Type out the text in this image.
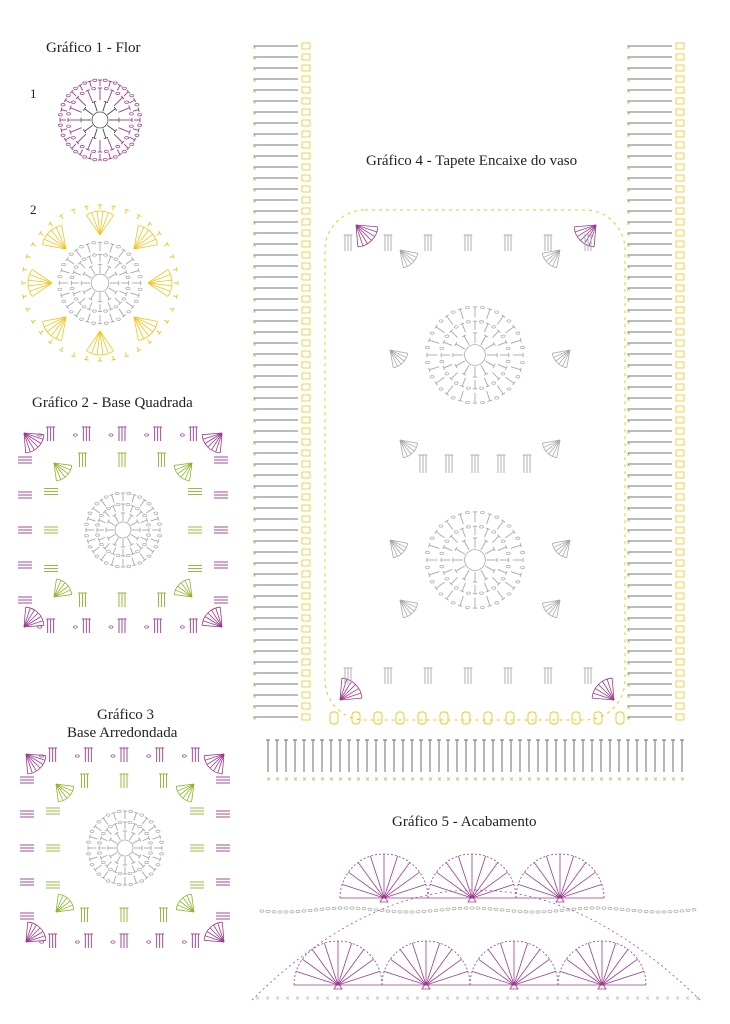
Gráfico 1 - Flor
1
2
Gráfico 2 - Base Quadrada
Gráfico 3
Base Arredondada
Gráfico 4 - Tapete Encaixe do vaso
Gráfico 5 - Acabamento
×
×
×
×
×
×
×
×
×
×
×
×
×
×
×
×
×
×
×
×
×
×
×
×
×
×
×
×
×
×
×
×
×
×
×
×
×
×
×
×
×
×
×
×
×
×
×
×
×
×
×
×
×
×
×
×
×
×
×
×
×
×
×
×
×
×
×
×
×
×
×
×
×
×
×
×
×
×
×
×
×
×
×
×
×
×
×
×
×
×
×
×
×
×
×
×
×
×
×
×
×
×
×
×
×
×
×
×
×
×
×
×
×
×
×
×
×
×
×
×
×
×
×
×
× × × × × × × × × × × × × × × × × × × × × × × × × × × × × × × × × × × × × × × × × × × × × × ×
× × × × × × × × × × × × × × × × × × × × × × × × × × × × × × × × × × × × × × × × × × × × ×
